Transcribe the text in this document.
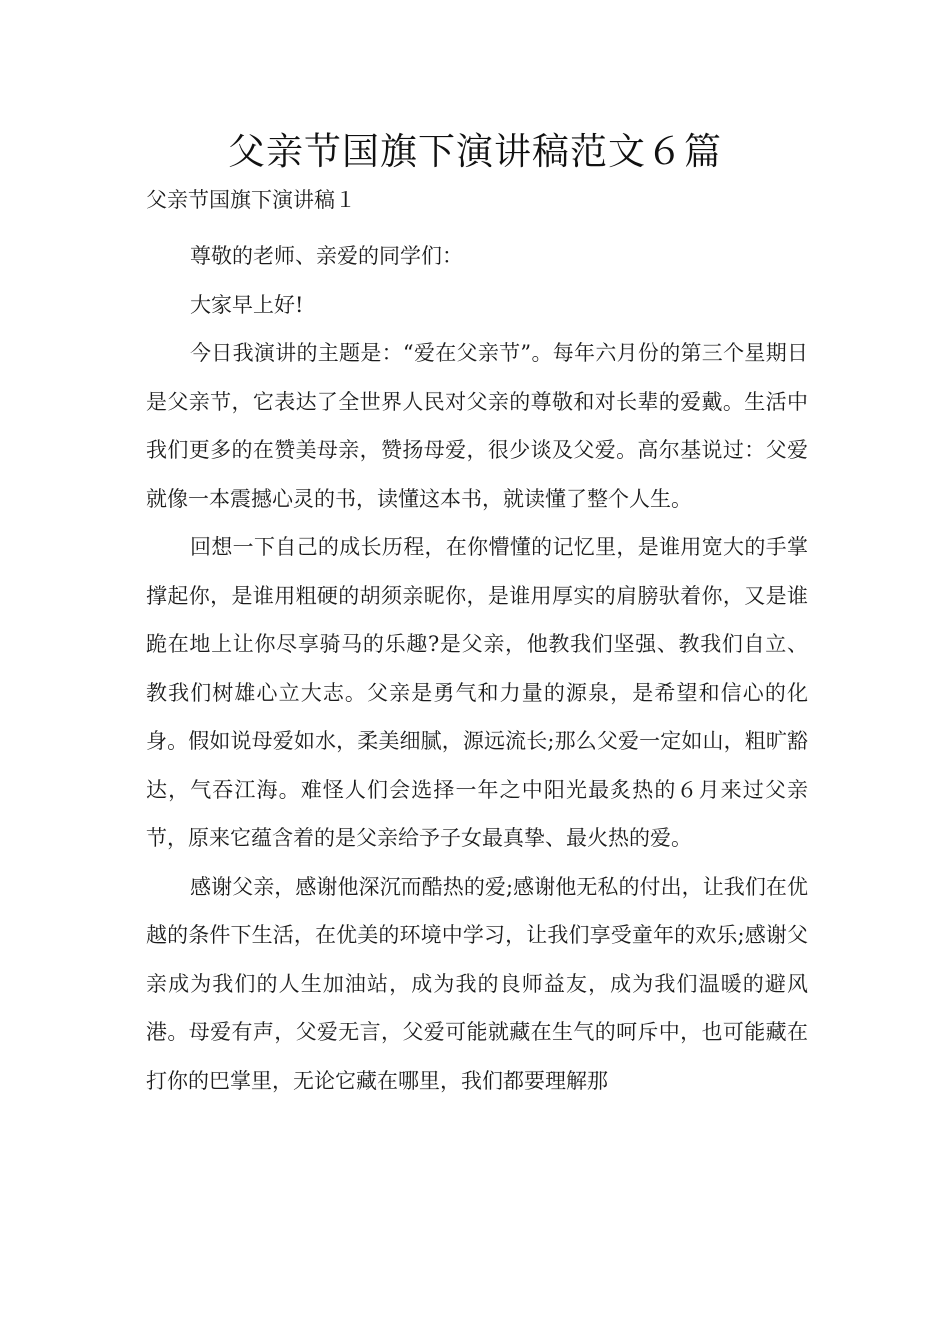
父亲节国旗下演讲稿范文６篇
父亲节国旗下演讲稿１

尊敬的老师、亲爱的同学们：

大家早上好!

今日我演讲的主题是：“爱在父亲节”。每年六月份的第三个星期日是父亲节，它表达了全世界人民对父亲的尊敬和对长辈的爱戴。生活中我们更多的在赞美母亲，赞扬母爱，很少谈及父爱。高尔基说过：父爱就像一本震撼心灵的书，读懂这本书，就读懂了整个人生。

回想一下自己的成长历程，在你懵懂的记忆里，是谁用宽大的手掌撑起你，是谁用粗硬的胡须亲昵你，是谁用厚实的肩膀驮着你，又是谁跪在地上让你尽享骑马的乐趣?是父亲，他教我们坚强、教我们自立、教我们树雄心立大志。父亲是勇气和力量的源泉，是希望和信心的化身。假如说母爱如水，柔美细腻，源远流长;那么父爱一定如山，粗旷豁达，气吞江海。难怪人们会选择一年之中阳光最炙热的６月来过父亲节，原来它蕴含着的是父亲给予子女最真挚、最火热的爱。

感谢父亲，感谢他深沉而酷热的爱;感谢他无私的付出，让我们在优越的条件下生活，在优美的环境中学习，让我们享受童年的欢乐;感谢父亲成为我们的人生加油站，成为我的良师益友，成为我们温暖的避风港。母爱有声，父爱无言，父爱可能就藏在生气的呵斥中，也可能藏在打你的巴掌里，无论它藏在哪里，我们都要理解那
